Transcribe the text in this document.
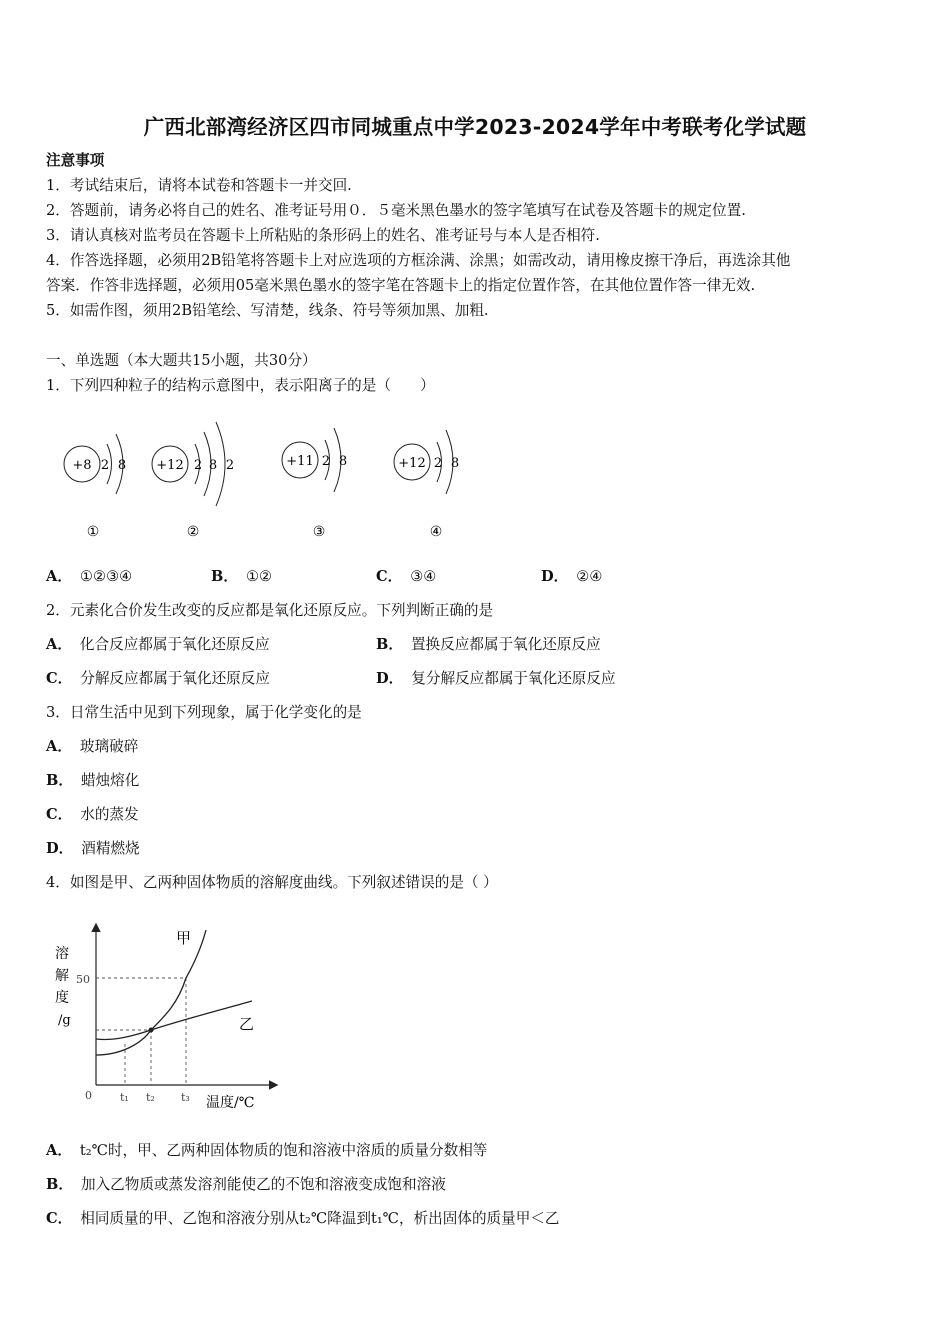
广西北部湾经济区四市同城重点中学2023-2024学年中考联考化学试题
注意事项
1．考试结束后，请将本试卷和答题卡一并交回.
2．答题前，请务必将自己的姓名、准考证号用０．５毫米黑色墨水的签字笔填写在试卷及答题卡的规定位置.
3．请认真核对监考员在答题卡上所粘贴的条形码上的姓名、准考证号与本人是否相符.
4．作答选择题，必须用2B铅笔将答题卡上对应选项的方框涂满、涂黑；如需改动，请用橡皮擦干净后，再选涂其他
答案．作答非选择题，必须用05毫米黑色墨水的签字笔在答题卡上的指定位置作答，在其他位置作答一律无效.
5．如需作图，须用2B铅笔绘、写清楚，线条、符号等须加黑、加粗.
一、单选题（本大题共15小题，共30分）
1．下列四种粒子的结构示意图中，表示阳离子的是（　　）
+8 2 8
①
+12 2 8 2
②
+11 2 8
③
+12 2 8
④
A． ①②③④	B． ①②	C． ③④	D． ②④
2．元素化合价发生改变的反应都是氧化还原反应。下列判断正确的是
A． 化合反应都属于氧化还原反应	B． 置换反应都属于氧化还原反应
C． 分解反应都属于氧化还原反应	D． 复分解反应都属于氧化还原反应
3．日常生活中见到下列现象，属于化学变化的是
A． 玻璃破碎
B． 蜡烛熔化
C． 水的蒸发
D． 酒精燃烧
4．如图是甲、乙两种固体物质的溶解度曲线。下列叙述错误的是（ ）
甲
乙
溶
解
度
/g
50
0	t₁ t₂ t₃ 温度/℃
A． t₂℃时，甲、乙两种固体物质的饱和溶液中溶质的质量分数相等
B． 加入乙物质或蒸发溶剂能使乙的不饱和溶液变成饱和溶液
C． 相同质量的甲、乙饱和溶液分别从t₂℃降温到t₁℃，析出固体的质量甲＜乙
